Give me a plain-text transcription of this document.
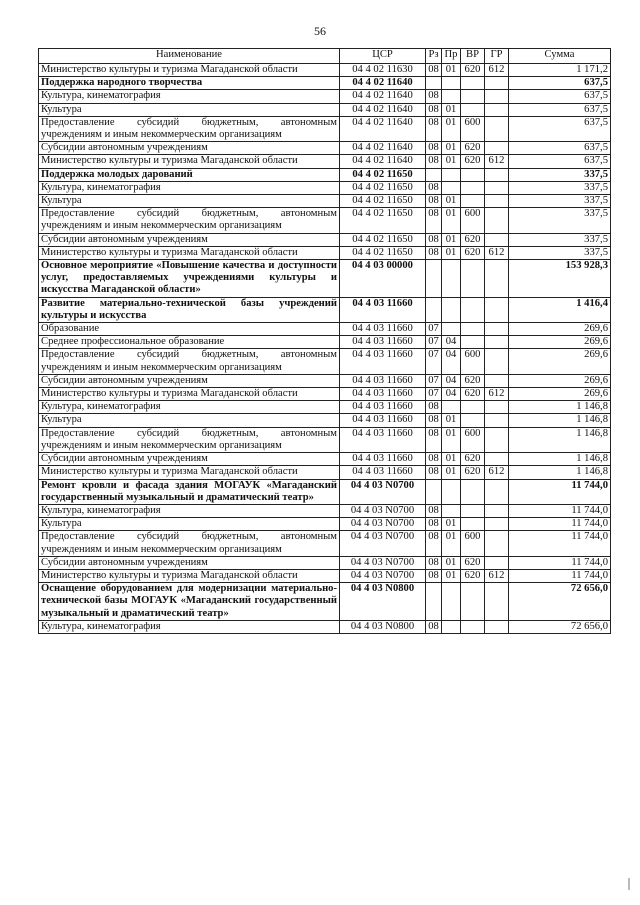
56
Наименование	ЦСР	Рз	Пр	ВР	ГР	Сумма
Министерство культуры и туризма Магаданской области	04 4 02 11630	08	01	620	612	1 171,2
Поддержка народного творчества	04 4 02 11640					637,5
Культура, кинематография	04 4 02 11640	08				637,5
Культура	04 4 02 11640	08	01			637,5
Предоставление субсидий бюджетным, автономным учреждениям и иным некоммерческим организациям	04 4 02 11640	08	01	600		637,5
Субсидии автономным учреждениям	04 4 02 11640	08	01	620		637,5
Министерство культуры и туризма Магаданской области	04 4 02 11640	08	01	620	612	637,5
Поддержка молодых дарований	04 4 02 11650					337,5
Культура, кинематография	04 4 02 11650	08				337,5
Культура	04 4 02 11650	08	01			337,5
Предоставление субсидий бюджетным, автономным учреждениям и иным некоммерческим организациям	04 4 02 11650	08	01	600		337,5
Субсидии автономным учреждениям	04 4 02 11650	08	01	620		337,5
Министерство культуры и туризма Магаданской области	04 4 02 11650	08	01	620	612	337,5
Основное мероприятие «Повышение качества и доступности услуг, предоставляемых учреждениями культуры и искусства Магаданской области»	04 4 03 00000					153 928,3
Развитие материально-технической базы учреждений культуры и искусства	04 4 03 11660					1 416,4
Образование	04 4 03 11660	07				269,6
Среднее профессиональное образование	04 4 03 11660	07	04			269,6
Предоставление субсидий бюджетным, автономным учреждениям и иным некоммерческим организациям	04 4 03 11660	07	04	600		269,6
Субсидии автономным учреждениям	04 4 03 11660	07	04	620		269,6
Министерство культуры и туризма Магаданской области	04 4 03 11660	07	04	620	612	269,6
Культура, кинематография	04 4 03 11660	08				1 146,8
Культура	04 4 03 11660	08	01			1 146,8
Предоставление субсидий бюджетным, автономным учреждениям и иным некоммерческим организациям	04 4 03 11660	08	01	600		1 146,8
Субсидии автономным учреждениям	04 4 03 11660	08	01	620		1 146,8
Министерство культуры и туризма Магаданской области	04 4 03 11660	08	01	620	612	1 146,8
Ремонт кровли и фасада здания МОГАУК «Магаданский государственный музыкальный и драматический театр»	04 4 03 N0700					11 744,0
Культура, кинематография	04 4 03 N0700	08				11 744,0
Культура	04 4 03 N0700	08	01			11 744,0
Предоставление субсидий бюджетным, автономным учреждениям и иным некоммерческим организациям	04 4 03 N0700	08	01	600		11 744,0
Субсидии автономным учреждениям	04 4 03 N0700	08	01	620		11 744,0
Министерство культуры и туризма Магаданской области	04 4 03 N0700	08	01	620	612	11 744,0
Оснащение оборудованием для модернизации материально-технической базы МОГАУК «Магаданский государственный музыкальный и драматический театр»	04 4 03 N0800					72 656,0
Культура, кинематография	04 4 03 N0800	08				72 656,0
